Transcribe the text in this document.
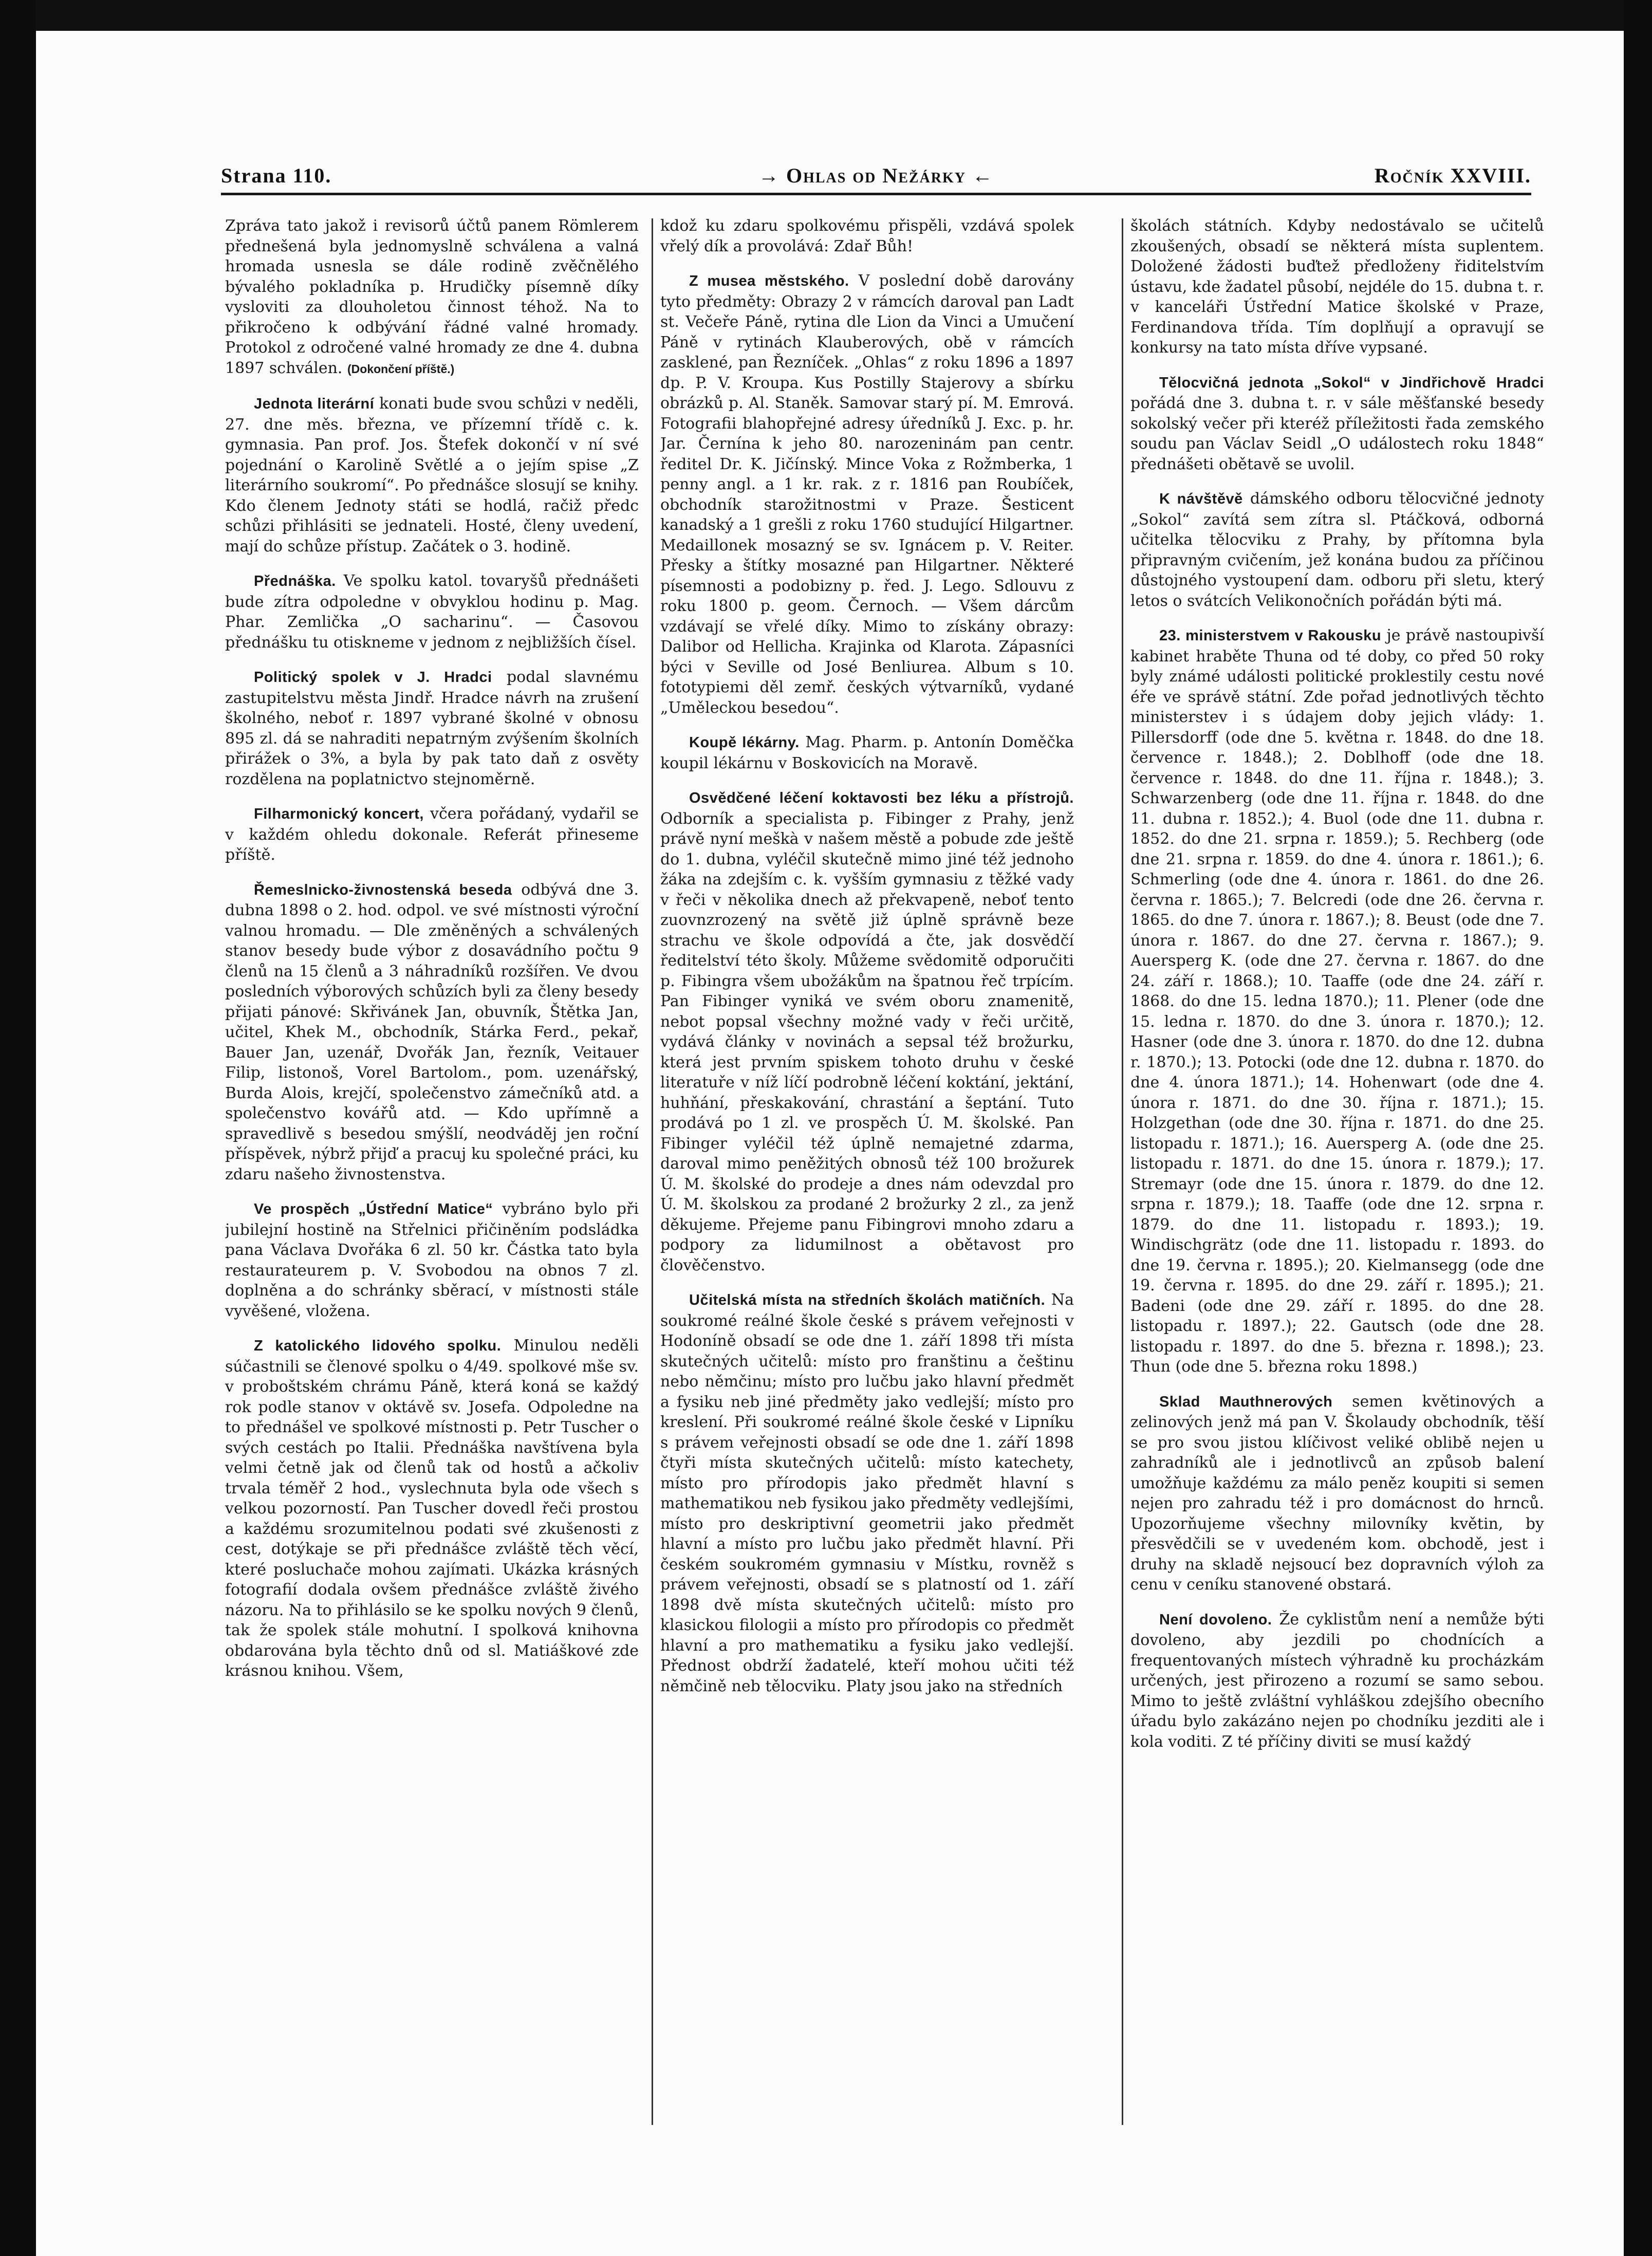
Strana 110.	→ Ohlas od Nežárky ←	Ročník XXVIII.

Zpráva tato jakož i revisorů účtů panem Römlerem přednešená byla jednomyslně schválena a valná hromada usnesla se dále rodině zvěčnělého bývalého pokladníka p. Hrudičky písemně díky vysloviti za dlouholetou činnost téhož. Na to přikročeno k odbývání řádné valné hromady. Protokol z odročené valné hromady ze dne 4. dubna 1897 schválen. (Dokončení příště.)

Jednota literární konati bude svou schůzi v neděli, 27. dne měs. března, ve přízemní třídě c. k. gymnasia. Pan prof. Jos. Štefek dokončí v ní své pojednání o Karolině Světlé a o jejím spise „Z literárního soukromí“. Po přednášce slosují se knihy. Kdo členem Jednoty státi se hodlá, račiž předc schůzi přihlásiti se jednateli. Hosté, členy uvedení, mají do schůze přístup. Začátek o 3. hodině.

Přednáška. Ve spolku katol. tovaryšů přednášeti bude zítra odpoledne v obvyklou hodinu p. Mag. Phar. Zemlička „O sacharinu“. — Časovou přednášku tu otiskneme v jednom z nejbližších čísel.

Politický spolek v J. Hradci podal slavnému zastupitelstvu města Jindř. Hradce návrh na zrušení školného, neboť r. 1897 vybrané školné v obnosu 895 zl. dá se nahraditi nepatrným zvýšením školních přirážek o 3%, a byla by pak tato daň z osvěty rozdělena na poplatnictvo stejnoměrně.

Filharmonický koncert, včera pořádaný, vydařil se v každém ohledu dokonale. Referát přineseme příště.

Řemeslnicko-živnostenská beseda odbývá dne 3. dubna 1898 o 2. hod. odpol. ve své místnosti výroční valnou hromadu. — Dle změněných a schválených stanov besedy bude výbor z dosavádního počtu 9 členů na 15 členů a 3 náhradníků rozšířen. Ve dvou posledních výborových schůzích byli za členy besedy přijati pánové: Skřivánek Jan, obuvník, Štětka Jan, učitel, Khek M., obchodník, Stárka Ferd., pekař, Bauer Jan, uzenář, Dvořák Jan, řezník, Veitauer Filip, listonoš, Vorel Bartolom., pom. uzenářský, Burda Alois, krejčí, společenstvo zámečníků atd. a společenstvo kovářů atd. — Kdo upřímně a spravedlivě s besedou smýšlí, neodváděj jen roční příspěvek, nýbrž přijď a pracuj ku společné práci, ku zdaru našeho živnostenstva.

Ve prospěch „Ústřední Matice“ vybráno bylo při jubilejní hostině na Střelnici přičiněním podsládka pana Václava Dvořáka 6 zl. 50 kr. Částka tato byla restaurateurem p. V. Svobodou na obnos 7 zl. doplněna a do schránky sběrací, v místnosti stále vyvěšené, vložena.

Z katolického lidového spolku. Minulou neděli súčastnili se členové spolku o 4/49. spolkové mše sv. v proboštském chrámu Páně, která koná se každý rok podle stanov v oktávě sv. Josefa. Odpoledne na to přednášel ve spolkové místnosti p. Petr Tuscher o svých cestách po Italii. Přednáška navštívena byla velmi četně jak od členů tak od hostů a ačkoliv trvala téměř 2 hod., vyslechnuta byla ode všech s velkou pozorností. Pan Tuscher dovedl řeči prostou a každému srozumitelnou podati své zkušenosti z cest, dotýkaje se při přednášce zvláště těch věcí, které posluchače mohou zajímati. Ukázka krásných fotografií dodala ovšem přednášce zvláště živého názoru. Na to přihlásilo se ke spolku nových 9 členů, tak že spolek stále mohutní. I spolková knihovna obdarována byla těchto dnů od sl. Matiáškové zde krásnou knihou. Všem,

kdož ku zdaru spolkovému přispěli, vzdává spolek vřelý dík a provolává: Zdař Bůh!

Z musea městského. V poslední době darovány tyto předměty: Obrazy 2 v rámcích daroval pan Ladt st. Večeře Páně, rytina dle Lion da Vinci a Umučení Páně v rytinách Klauberových, obě v rámcích zasklené, pan Řezníček. „Ohlas“ z roku 1896 a 1897 dp. P. V. Kroupa. Kus Postilly Stajerovy a sbírku obrázků p. Al. Staněk. Samovar starý pí. M. Emrová. Fotografii blahopřejné adresy úředníků J. Exc. p. hr. Jar. Černína k jeho 80. narozeninám pan centr. ředitel Dr. K. Jičínský. Mince Voka z Rožmberka, 1 penny angl. a 1 kr. rak. z r. 1816 pan Roubíček, obchodník starožitnostmi v Praze. Šesticent kanadský a 1 grešli z roku 1760 studující Hilgartner. Medaillonek mosazný se sv. Ignácem p. V. Reiter. Přesky a štítky mosazné pan Hilgartner. Některé písemnosti a podobizny p. řed. J. Lego. Sdlouvu z roku 1800 p. geom. Černoch. — Všem dárcům vzdávají se vřelé díky. Mimo to získány obrazy: Dalibor od Hellicha. Krajinka od Klarota. Zápasníci býci v Seville od José Benliurea. Album s 10. fototypiemi děl zemř. českých výtvarníků, vydané „Uměleckou besedou“.

Koupě lékárny. Mag. Pharm. p. Antonín Doměčka koupil lékárnu v Boskovicích na Moravě.

Osvědčené léčení koktavosti bez léku a přístrojů. Odborník a specialista p. Fibinger z Prahy, jenž právě nyní meškà v našem městě a pobude zde ještě do 1. dubna, vyléčil skutečně mimo jiné též jednoho žáka na zdejším c. k. vyšším gymnasiu z těžké vady v řeči v několika dnech až překvapeně, neboť tento zuovnzrozený na světě již úplně správně beze strachu ve škole odpovídá a čte, jak dosvědčí ředitelství této školy. Můžeme svědomitě odporučiti p. Fibingra všem ubožákům na špatnou řeč trpícím. Pan Fibinger vyniká ve svém oboru znamenitě, nebot popsal všechny možné vady v řeči určitě, vydává články v novinách a sepsal též brožurku, která jest prvním spiskem tohoto druhu v české literatuře v níž líčí podrobně léčení koktání, jektání, huhňání, přeskakování, chrastání a šeptání. Tuto prodává po 1 zl. ve prospěch Ú. M. školské. Pan Fibinger vyléčil též úplně nemajetné zdarma, daroval mimo peněžitých obnosů též 100 brožurek Ú. M. školské do prodeje a dnes nám odevzdal pro Ú. M. školskou za prodané 2 brožurky 2 zl., za jenž děkujeme. Přejeme panu Fibingrovi mnoho zdaru a podpory za lidumilnost a obětavost pro člověčenstvo.

Učitelská místa na středních školách matičních. Na soukromé reálné škole české s právem veřejnosti v Hodoníně obsadí se ode dne 1. září 1898 tři místa skutečných učitelů: místo pro franštinu a češtinu nebo němčinu; místo pro lučbu jako hlavní předmět a fysiku neb jiné předměty jako vedlejší; místo pro kreslení. Při soukromé reálné škole české v Lipníku s právem veřejnosti obsadí se ode dne 1. září 1898 čtyři místa skutečných učitelů: místo katechety, místo pro přírodopis jako předmět hlavní s mathematikou neb fysikou jako předměty vedlejšími, místo pro deskriptivní geometrii jako předmět hlavní a místo pro lučbu jako předmět hlavní. Při českém soukromém gymnasiu v Místku, rovněž s právem veřejnosti, obsadí se s platností od 1. září 1898 dvě místa skutečných učitelů: místo pro klasickou filologii a místo pro přírodopis co předmět hlavní a pro mathematiku a fysiku jako vedlejší. Přednost obdrží žadatelé, kteří mohou učiti též němčině neb tělocviku. Platy jsou jako na středních

školách státních. Kdyby nedostávalo se učitelů zkoušených, obsadí se některá místa suplentem. Doložené žádosti buďtež předloženy řiditelstvím ústavu, kde žadatel působí, nejdéle do 15. dubna t. r. v kanceláři Ústřední Matice školské v Praze, Ferdinandova třída. Tím doplňují a opravují se konkursy na tato místa dříve vypsané.

Tělocvičná jednota „Sokol“ v Jindřichově Hradci pořádá dne 3. dubna t. r. v sále měšťanské besedy sokolský večer při kteréž příležitosti řada zemského soudu pan Václav Seidl „O událostech roku 1848“ přednášeti obětavě se uvolil.

K návštěvě dámského odboru tělocvičné jednoty „Sokol“ zavítá sem zítra sl. Ptáčková, odborná učitelka tělocviku z Prahy, by přítomna byla připravným cvičením, jež konána budou za příčinou důstojného vystoupení dam. odboru při sletu, který letos o svátcích Velikonočních pořádán býti má.

23. ministerstvem v Rakousku je právě nastoupivší kabinet hraběte Thuna od té doby, co před 50 roky byly známé události politické proklestily cestu nové éře ve správě státní. Zde pořad jednotlivých těchto ministerstev i s údajem doby jejich vlády: 1. Pillersdorff (ode dne 5. května r. 1848. do dne 18. července r. 1848.); 2. Doblhoff (ode dne 18. července r. 1848. do dne 11. října r. 1848.); 3. Schwarzenberg (ode dne 11. října r. 1848. do dne 11. dubna r. 1852.); 4. Buol (ode dne 11. dubna r. 1852. do dne 21. srpna r. 1859.); 5. Rechberg (ode dne 21. srpna r. 1859. do dne 4. února r. 1861.); 6. Schmerling (ode dne 4. února r. 1861. do dne 26. června r. 1865.); 7. Belcredi (ode dne 26. června r. 1865. do dne 7. února r. 1867.); 8. Beust (ode dne 7. února r. 1867. do dne 27. června r. 1867.); 9. Auersperg K. (ode dne 27. června r. 1867. do dne 24. září r. 1868.); 10. Taaffe (ode dne 24. září r. 1868. do dne 15. ledna 1870.); 11. Plener (ode dne 15. ledna r. 1870. do dne 3. února r. 1870.); 12. Hasner (ode dne 3. února r. 1870. do dne 12. dubna r. 1870.); 13. Potocki (ode dne 12. dubna r. 1870. do dne 4. února 1871.); 14. Hohenwart (ode dne 4. února r. 1871. do dne 30. října r. 1871.); 15. Holzgethan (ode dne 30. října r. 1871. do dne 25. listopadu r. 1871.); 16. Auersperg A. (ode dne 25. listopadu r. 1871. do dne 15. února r. 1879.); 17. Stremayr (ode dne 15. února r. 1879. do dne 12. srpna r. 1879.); 18. Taaffe (ode dne 12. srpna r. 1879. do dne 11. listopadu r. 1893.); 19. Windischgrätz (ode dne 11. listopadu r. 1893. do dne 19. června r. 1895.); 20. Kielmansegg (ode dne 19. června r. 1895. do dne 29. září r. 1895.); 21. Badeni (ode dne 29. září r. 1895. do dne 28. listopadu r. 1897.); 22. Gautsch (ode dne 28. listopadu r. 1897. do dne 5. března r. 1898.); 23. Thun (ode dne 5. března roku 1898.)

Sklad Mauthnerových semen květinových a zelinových jenž má pan V. Školaudy obchodník, těší se pro svou jistou klíčivost veliké oblibě nejen u zahradníků ale i jednotlivců an způsob balení umožňuje každému za málo peněz koupiti si semen nejen pro zahradu též i pro domácnost do hrnců. Upozorňujeme všechny milovníky květin, by přesvědčili se v uvedeném kom. obchodě, jest i druhy na skladě nejsoucí bez dopravních výloh za cenu v ceníku stanovené obstará.

Není dovoleno. Že cyklistům není a nemůže býti dovoleno, aby jezdili po chodnících a frequentovaných místech výhradně ku procházkám určených, jest přirozeno a rozumí se samo sebou. Mimo to ještě zvláštní vyhláškou zdejšího obecního úřadu bylo zakázáno nejen po chodníku jezditi ale i kola voditi. Z té příčiny diviti se musí každý
